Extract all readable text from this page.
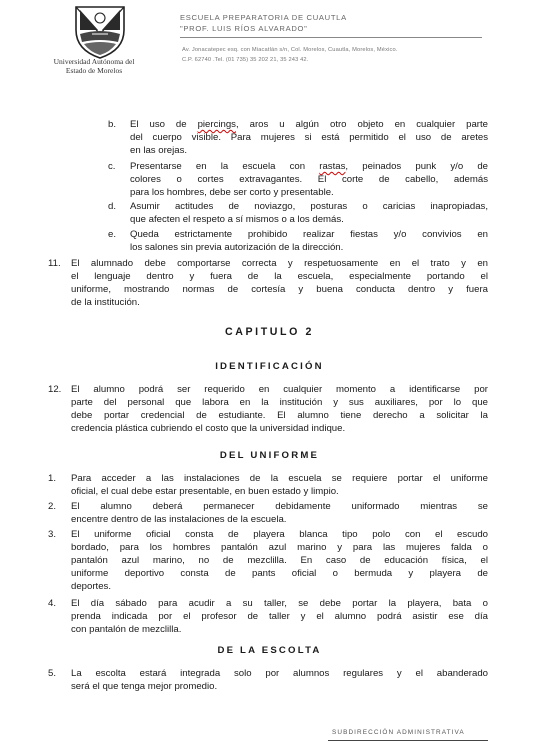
Universidad Autónoma del
Estado de Morelos
ESCUELA PREPARATORIA DE CUAUTLA
"PROF. LUIS RÍOS ALVARADO"
Av. Jonacatepec esq. con Miacatlán s/n, Col. Morelos, Cuautla, Morelos, México.
C.P. 62740 .Tel. (01 735) 35 202 21, 35 243 42.
b. El uso de piercings, aros u algún otro objeto en cualquier parte
del cuerpo visible. Para mujeres si está permitido el uso de aretes
en las orejas.
c. Presentarse en la escuela con rastas, peinados punk y/o de
colores o cortes extravagantes. El corte de cabello, además
para los hombres, debe ser corto y presentable.
d. Asumir actitudes de noviazgo, posturas o caricias inapropiadas,
que afecten el respeto a sí mismos o a los demás.
e. Queda estrictamente prohibido realizar fiestas y/o convivios en
los salones sin previa autorización de la dirección.
11. El alumnado debe comportarse correcta y respetuosamente en el trato y en
el lenguaje dentro y fuera de la escuela, especialmente portando el
uniforme, mostrando normas de cortesía y buena conducta dentro y fuera
de la institución.
CAPITULO 2
IDENTIFICACIÓN
12. El alumno podrá ser requerido en cualquier momento a identificarse por
parte del personal que labora en la institución y sus auxiliares, por lo que
debe portar credencial de estudiante. El alumno tiene derecho a solicitar la
credencia plástica cubriendo el costo que la universidad indique.
DEL UNIFORME
1. Para acceder a las instalaciones de la escuela se requiere portar el uniforme
oficial, el cual debe estar presentable, en buen estado y limpio.
2. El alumno deberá permanecer debidamente uniformado mientras se
encentre dentro de las instalaciones de la escuela.
3. El uniforme oficial consta de playera blanca tipo polo con el escudo
bordado, para los hombres pantalón azul marino y para las mujeres falda o
pantalón azul marino, no de mezclilla. En caso de educación física, el
uniforme deportivo consta de pants oficial o bermuda y playera de
deportes.
4. El día sábado para acudir a su taller, se debe portar la playera, bata o
prenda indicada por el profesor de taller y el alumno podrá asistir ese día
con pantalón de mezclilla.
DE LA ESCOLTA
5. La escolta estará integrada solo por alumnos regulares y el abanderado
será el que tenga mejor promedio.
SUBDIRECCIÓN ADMINISTRATIVA
